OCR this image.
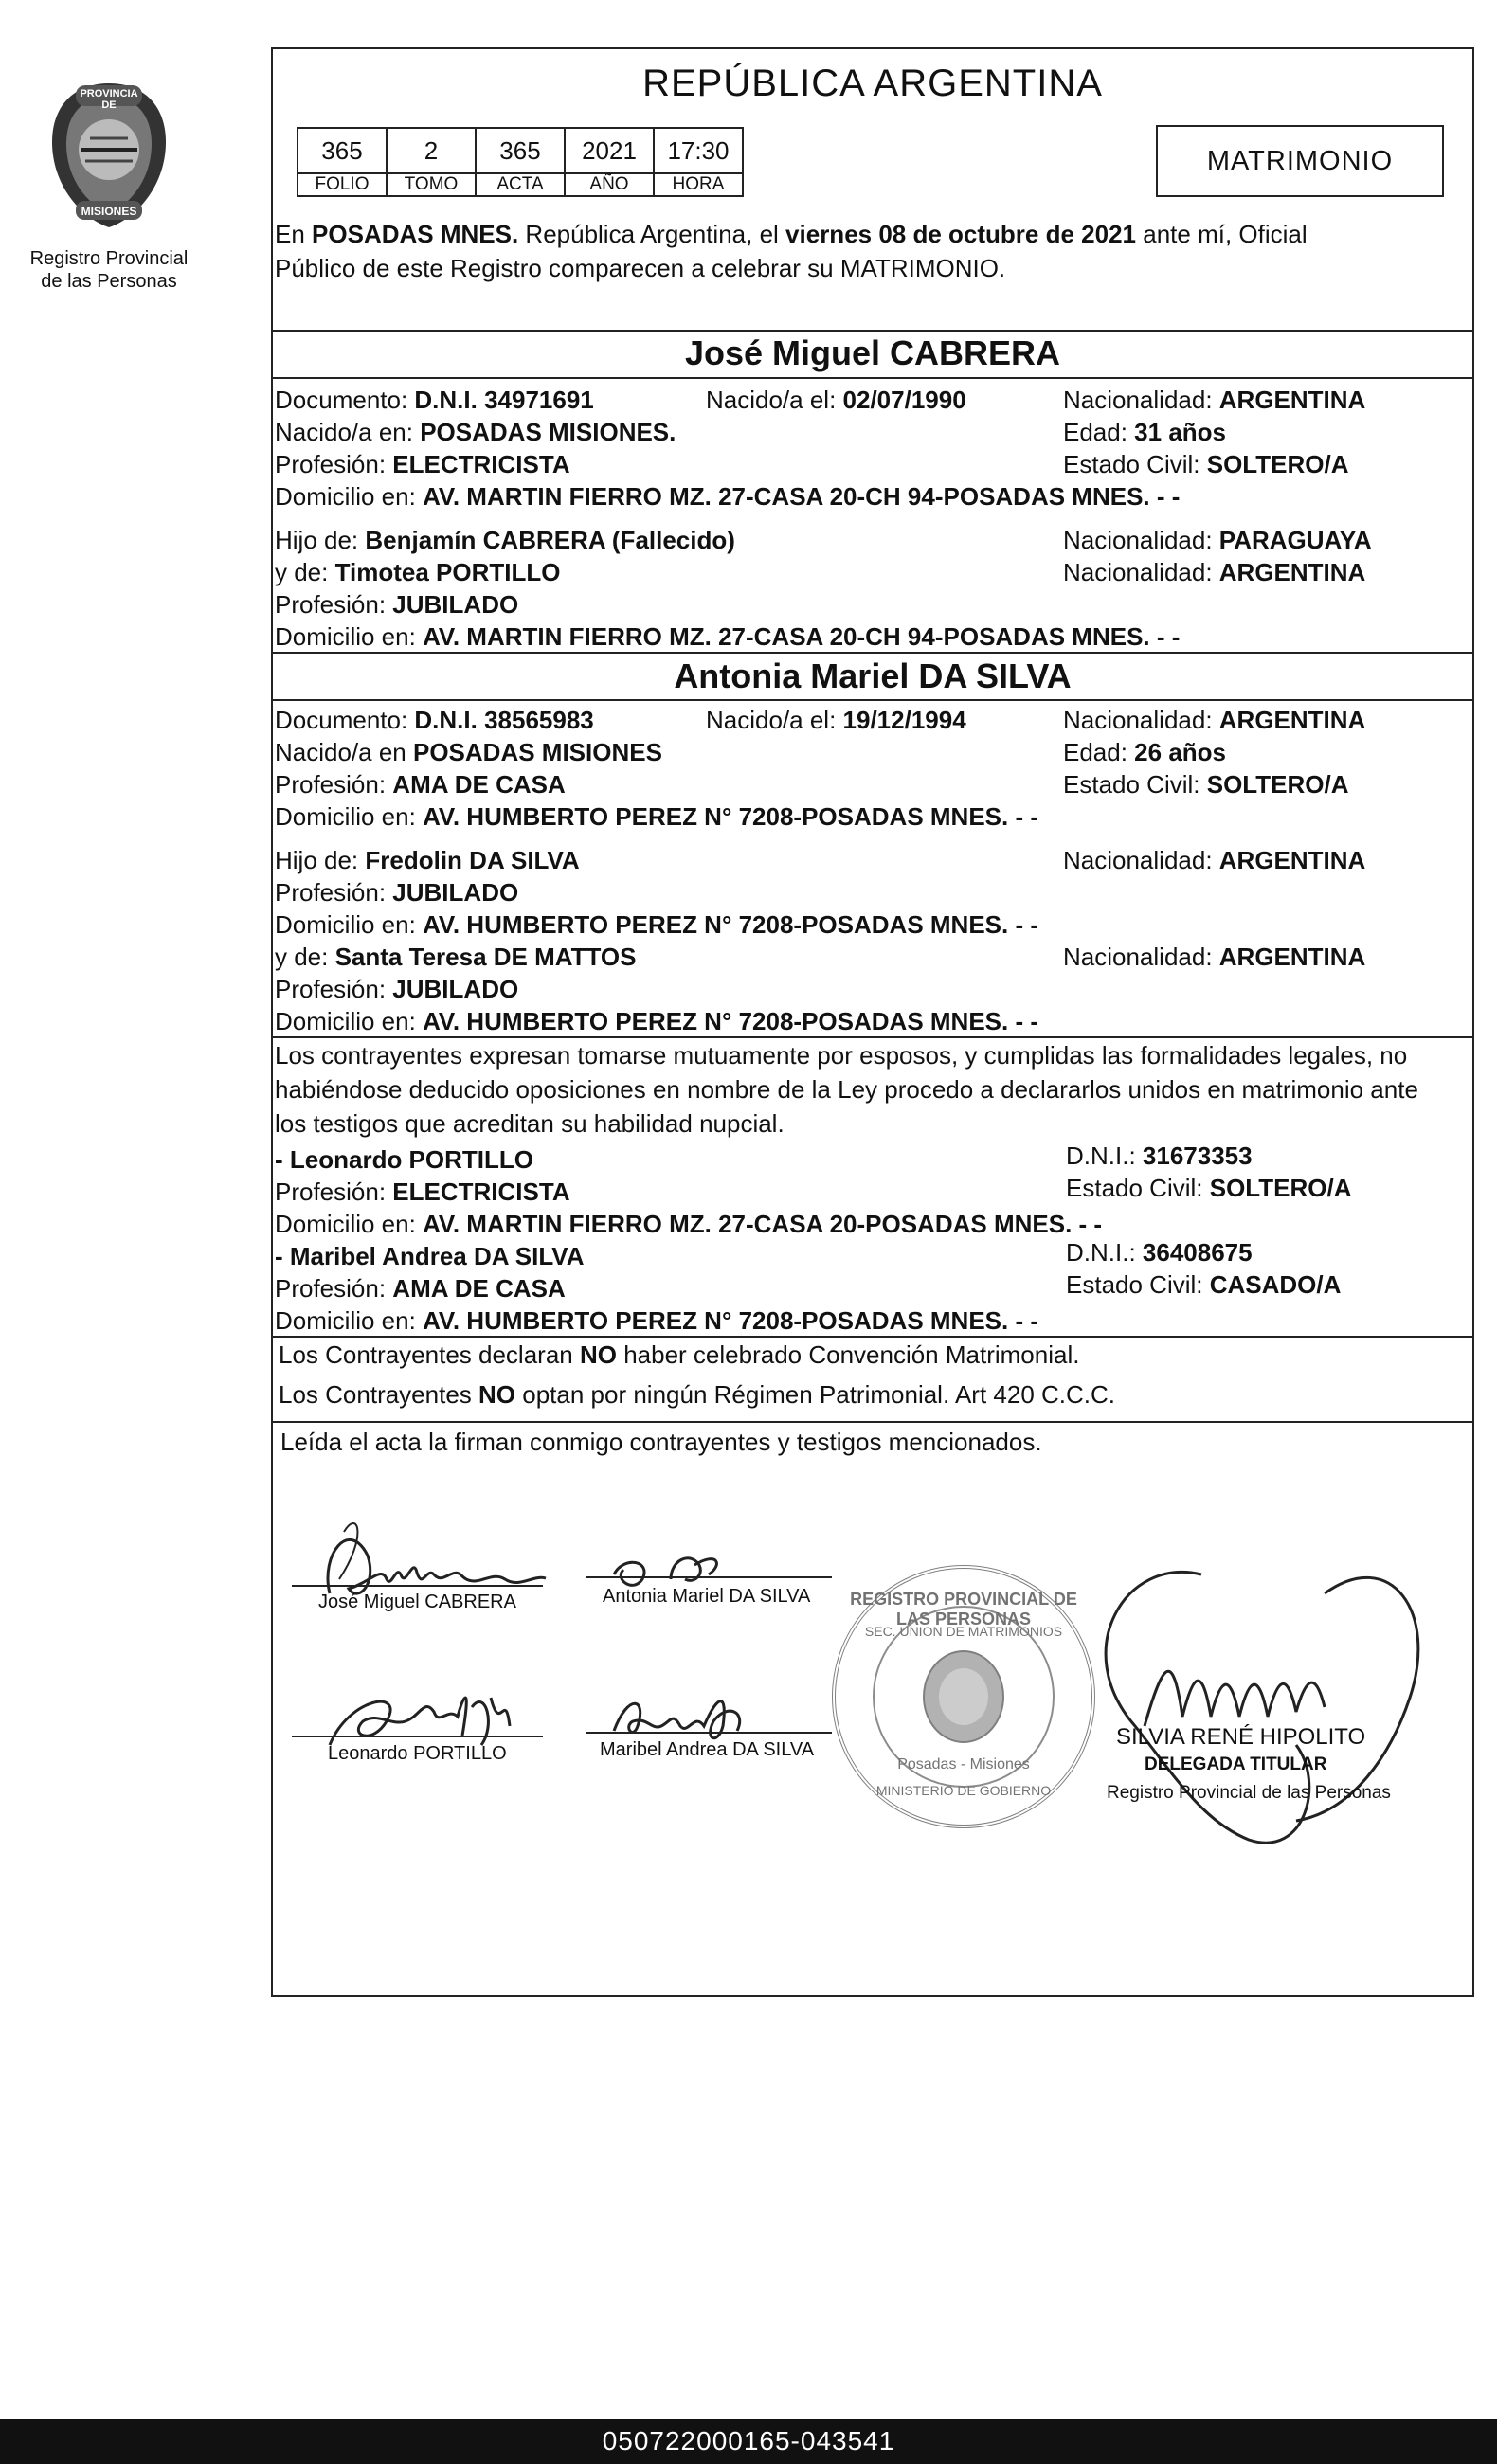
PROVINCIA DE
MISIONES
Registro Provincial
de las Personas
REPÚBLICA ARGENTINA
365	2	365	2021	17:30
FOLIO	TOMO	ACTA	AÑO	HORA
MATRIMONIO
En POSADAS MNES. República Argentina, el viernes 08 de octubre de 2021 ante mí, Oficial
Público de este Registro comparecen a celebrar su MATRIMONIO.
José Miguel CABRERA
Documento: D.N.I. 34971691	Nacido/a el: 02/07/1990	Nacionalidad: ARGENTINA
Nacido/a en: POSADAS MISIONES.	Edad: 31 años
Profesión: ELECTRICISTA	Estado Civil: SOLTERO/A
Domicilio en: AV. MARTIN FIERRO MZ. 27-CASA 20-CH 94-POSADAS MNES. - -
Hijo de: Benjamín CABRERA (Fallecido)	Nacionalidad: PARAGUAYA
y de: Timotea PORTILLO	Nacionalidad: ARGENTINA
Profesión: JUBILADO
Domicilio en: AV. MARTIN FIERRO MZ. 27-CASA 20-CH 94-POSADAS MNES. - -
Antonia Mariel DA SILVA
Documento: D.N.I. 38565983	Nacido/a el: 19/12/1994	Nacionalidad: ARGENTINA
Nacido/a en POSADAS MISIONES	Edad: 26 años
Profesión: AMA DE CASA	Estado Civil: SOLTERO/A
Domicilio en: AV. HUMBERTO PEREZ N° 7208-POSADAS MNES. - -
Hijo de: Fredolin DA SILVA	Nacionalidad: ARGENTINA
Profesión: JUBILADO
Domicilio en: AV. HUMBERTO PEREZ N° 7208-POSADAS MNES. - -
y de: Santa Teresa DE MATTOS	Nacionalidad: ARGENTINA
Profesión: JUBILADO
Domicilio en: AV. HUMBERTO PEREZ N° 7208-POSADAS MNES. - -
Los contrayentes expresan tomarse mutuamente por esposos, y cumplidas las formalidades legales, no
habiéndose deducido oposiciones en nombre de la Ley procedo a declararlos unidos en matrimonio ante
los testigos que acreditan su habilidad nupcial.
- Leonardo PORTILLO	D.N.I.: 31673353
Profesión: ELECTRICISTA	Estado Civil: SOLTERO/A
Domicilio en: AV. MARTIN FIERRO MZ. 27-CASA 20-POSADAS MNES. - -
- Maribel Andrea DA SILVA	D.N.I.: 36408675
Profesión: AMA DE CASA	Estado Civil: CASADO/A
Domicilio en: AV. HUMBERTO PEREZ N° 7208-POSADAS MNES. - -
Los Contrayentes declaran NO haber celebrado Convención Matrimonial.
Los Contrayentes NO optan por ningún Régimen Patrimonial. Art 420 C.C.C.
Leída el acta la firman conmigo contrayentes y testigos mencionados.
José Miguel CABRERA	Antonia Mariel DA SILVA
Leonardo PORTILLO	Maribel Andrea DA SILVA
REGISTRO PROVINCIAL DE LAS PERSONAS
SEC. UNION DE MATRIMONIOS
Posadas - Misiones
MINISTERIO DE GOBIERNO
SILVIA RENÉ HIPOLITO
DELEGADA TITULAR
Registro Provincial de las Personas
050722000165-043541
